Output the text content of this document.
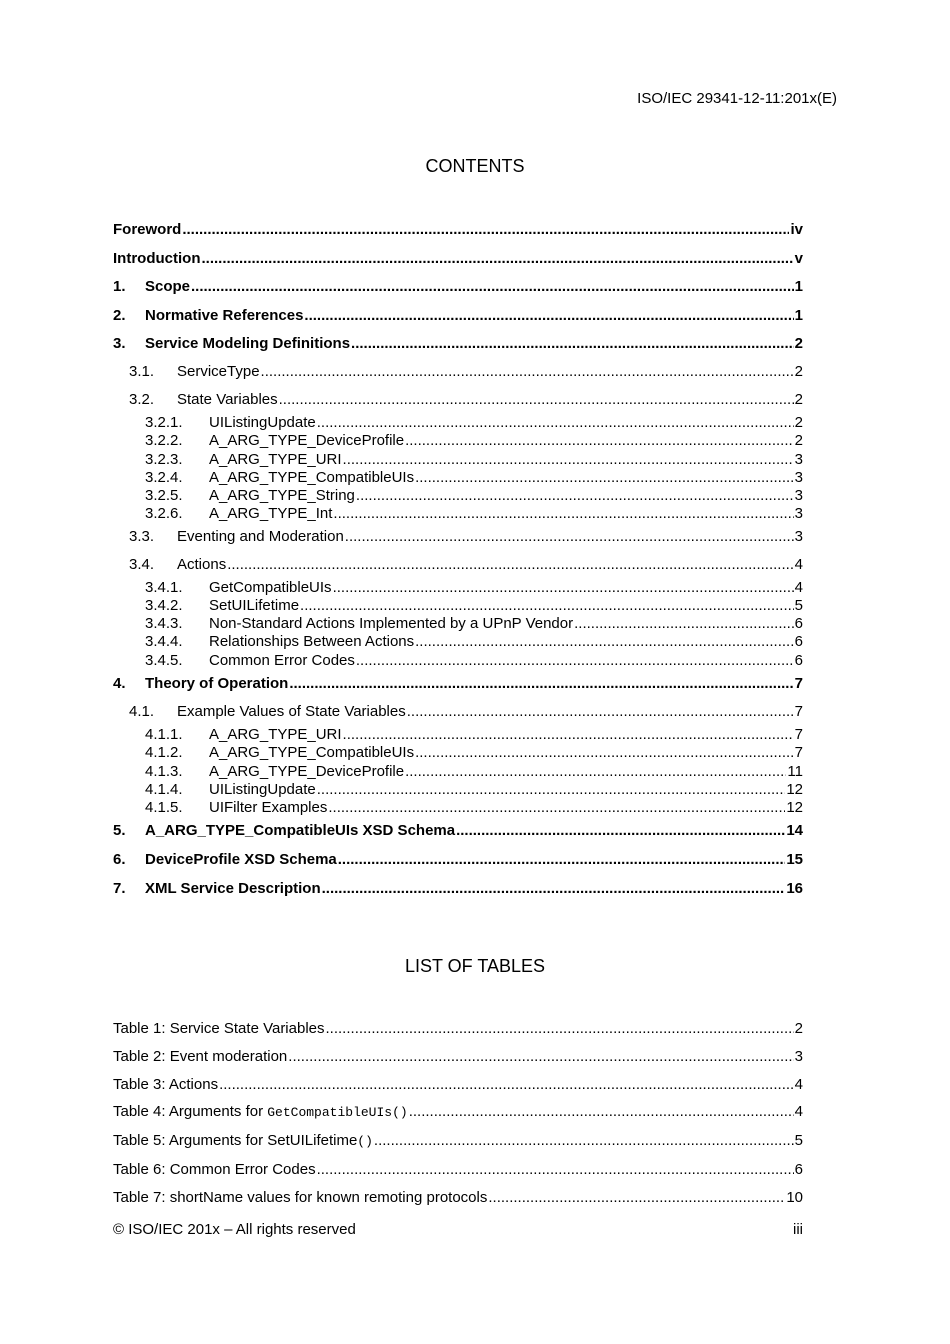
ISO/IEC 29341-12-11:201x(E)
CONTENTS
Foreword .....	iv
Introduction .....	v
1.	Scope .....	1
2.	Normative References .....	1
3.	Service Modeling Definitions .....	2
3.1.	ServiceType .....	2
3.2.	State Variables .....	2
3.2.1.	UIListingUpdate .....	2
3.2.2.	A_ARG_TYPE_DeviceProfile .....	2
3.2.3.	A_ARG_TYPE_URI .....	3
3.2.4.	A_ARG_TYPE_CompatibleUIs .....	3
3.2.5.	A_ARG_TYPE_String .....	3
3.2.6.	A_ARG_TYPE_Int .....	3
3.3.	Eventing and Moderation .....	3
3.4.	Actions .....	4
3.4.1.	GetCompatibleUIs .....	4
3.4.2.	SetUILifetime .....	5
3.4.3.	Non-Standard Actions Implemented by a UPnP Vendor .....	6
3.4.4.	Relationships Between Actions .....	6
3.4.5.	Common Error Codes .....	6
4.	Theory of Operation .....	7
4.1.	Example Values of State Variables .....	7
4.1.1.	A_ARG_TYPE_URI .....	7
4.1.2.	A_ARG_TYPE_CompatibleUIs .....	7
4.1.3.	A_ARG_TYPE_DeviceProfile .....	11
4.1.4.	UIListingUpdate .....	12
4.1.5.	UIFilter Examples .....	12
5.	A_ARG_TYPE_CompatibleUIs XSD Schema .....	14
6.	DeviceProfile XSD Schema .....	15
7.	XML Service Description .....	16
LIST OF TABLES
Table 1: Service State Variables .....	2
Table 2: Event moderation .....	3
Table 3: Actions .....	4
Table 4: Arguments for GetCompatibleUIs() .....	4
Table 5: Arguments for SetUILifetime () .....	5
Table 6: Common Error Codes .....	6
Table 7: shortName values for known remoting protocols .....	10
© ISO/IEC 201x – All rights reserved	iii
